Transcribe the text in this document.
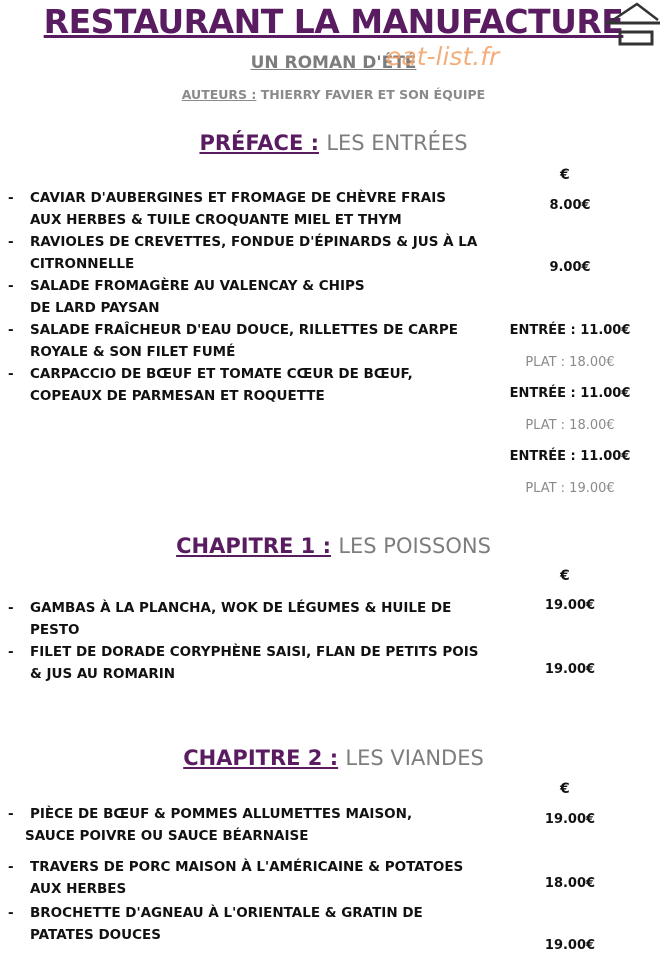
RESTAURANT LA MANUFACTURE
UN ROMAN D'ÉTÉ
eat-list.fr
AUTEURS : THIERRY FAVIER ET SON ÉQUIPE
PRÉFACE : LES ENTRÉES
€
- CAVIAR D'AUBERGINES ET FROMAGE DE CHÈVRE FRAIS
AUX HERBES & TUILE CROQUANTE MIEL ET THYM
- RAVIOLES DE CREVETTES, FONDUE D'ÉPINARDS & JUS À LA
CITRONNELLE
- SALADE FROMAGÈRE AU VALENCAY & CHIPS
DE LARD PAYSAN
- SALADE FRAÎCHEUR D'EAU DOUCE, RILLETTES DE CARPE
ROYALE & SON FILET FUMÉ
- CARPACCIO DE BŒUF ET TOMATE CŒUR DE BŒUF,
COPEAUX DE PARMESAN ET ROQUETTE
8.00€
9.00€
ENTRÉE : 11.00€
PLAT : 18.00€
ENTRÉE : 11.00€
PLAT : 18.00€
ENTRÉE : 11.00€
PLAT : 19.00€
CHAPITRE 1 : LES POISSONS
€
- GAMBAS À LA PLANCHA, WOK DE LÉGUMES & HUILE DE
PESTO
- FILET DE DORADE CORYPHÈNE SAISI, FLAN DE PETITS POIS
& JUS AU ROMARIN
19.00€
19.00€
CHAPITRE 2 : LES VIANDES
€
- PIÈCE DE BŒUF & POMMES ALLUMETTES MAISON,
SAUCE POIVRE OU SAUCE BÉARNAISE
- TRAVERS DE PORC MAISON À L'AMÉRICAINE & POTATOES
AUX HERBES
- BROCHETTE D'AGNEAU À L'ORIENTALE & GRATIN DE
PATATES DOUCES
19.00€
18.00€
19.00€
